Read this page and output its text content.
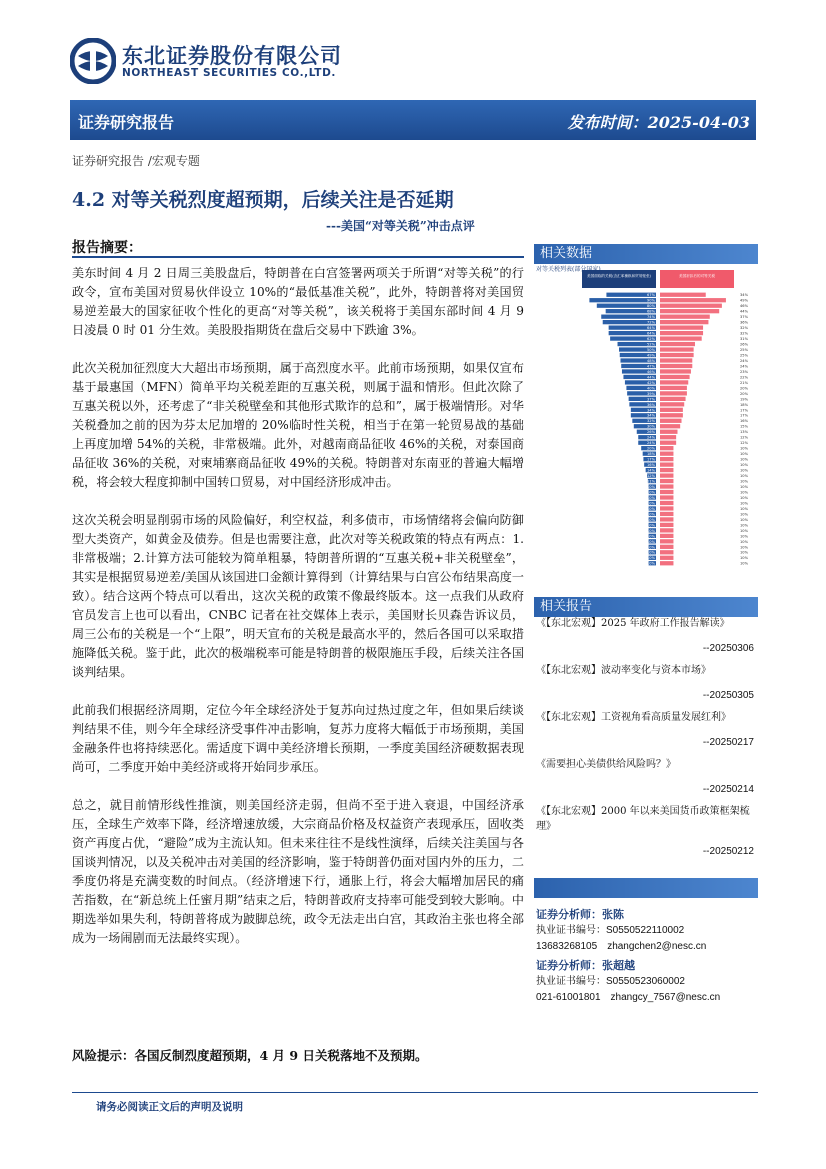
东北证券股份有限公司
NORTHEAST SECURITIES CO.,LTD.
证券研究报告	发布时间：2025-04-03
证券研究报告 /宏观专题
4.2 对等关税烈度超预期，后续关注是否延期
---美国“对等关税”冲击点评
报告摘要：

美东时间 4 月 2 日周三美股盘后，特朗普在白宫签署两项关于所谓“对等关税”的行政令，宣布美国对贸易伙伴设立 10%的“最低基准关税”，此外，特朗普将对美国贸易逆差最大的国家征收个性化的更高“对等关税”，该关税将于美国东部时间 4 月 9 日凌晨 0 时 01 分生效。美股股指期货在盘后交易中下跌逾 3%。

此次关税加征烈度大大超出市场预期，属于高烈度水平。此前市场预期，如果仅宣布基于最惠国（MFN）简单平均关税差距的互惠关税，则属于温和情形。但此次除了互惠关税以外，还考虑了“非关税壁垒和其他形式欺诈的总和”，属于极端情形。对华关税叠加之前的因为芬太尼加增的 20%临时性关税，相当于在第一轮贸易战的基础上再度加增 54%的关税，非常极端。此外，对越南商品征收 46%的关税，对泰国商品征收 36%的关税，对柬埔寨商品征收 49%的关税。特朗普对东南亚的普遍大幅增税，将会较大程度抑制中国转口贸易，对中国经济形成冲击。

这次关税会明显削弱市场的风险偏好，利空权益，利多债市，市场情绪将会偏向防御型大类资产，如黄金及债券。但是也需要注意，此次对等关税政策的特点有两点：1.非常极端；2.计算方法可能较为简单粗暴，特朗普所谓的“互惠关税+非关税壁垒”，其实是根据贸易逆差/美国从该国进口金额计算得到（计算结果与白宫公布结果高度一致）。结合这两个特点可以看出，这次关税的政策不像最终版本。这一点我们从政府官员发言上也可以看出，CNBC 记者在社交媒体上表示，美国财长贝森告诉议员，周三公布的关税是一个“上限”，明天宣布的关税是最高水平的，然后各国可以采取措施降低关税。鉴于此，此次的极端税率可能是特朗普的极限施压手段，后续关注各国谈判结果。

此前我们根据经济周期，定位今年全球经济处于复苏向过热过度之年，但如果后续谈判结果不佳，则今年全球经济受事件冲击影响，复苏力度将大幅低于市场预期，美国金融条件也将持续恶化。需适度下调中美经济增长预期，一季度美国经济硬数据表现尚可，二季度开始中美经济或将开始同步承压。

总之，就目前情形线性推演，则美国经济走弱，但尚不至于进入衰退，中国经济承压，全球生产效率下降，经济增速放缓，大宗商品价格及权益资产表现承压，固收类资产再度占优，“避险”成为主流认知。但未来往往不是线性演绎，后续关注美国与各国谈判情况，以及关税冲击对美国的经济影响，鉴于特朗普仍面对国内外的压力，二季度仍将是充满变数的时间点。（经济增速下行，通胀上行，将会大幅增加居民的痛苦指数，在“新总统上任蜜月期”结束之后，特朗普政府支持率可能受到较大影响。中期选举如果失利，特朗普将成为跛脚总统，政令无法走出白宫，其政治主张也将全部成为一场闹剧而无法最终实现）。

风险提示：各国反制烈度超预期，4 月 9 日关税落地不及预期。
请务必阅读正文后的声明及说明
相关数据
美国面临的关税(含汇率操纵和贸易壁垒)	美国折扣后的对等关税
67%	34%
90%	49%
80%	46%
68%	44%
74%	37%
72%	36%
64%	32%
64%	32%
62%	31%
52%	26%
50%	25%
49%	25%
48%	24%
47%	24%
46%	23%
44%	22%
42%	21%
40%	20%
39%	20%
37%	19%
36%	18%
34%	17%
34%	17%
32%	16%
30%	15%
26%	13%
24%	12%
24%	12%
20%	10%
18%	10%
17%	10%
16%	10%
14%	10%
12%	10%
11%	10%
10%	10%
10%	10%
10%	10%
10%	10%
10%	10%
10%	10%
10%	10%
10%	10%
10%	10%
10%	10%
10%	10%
10%	10%
10%	10%
10%	10%
10%	10%
对等关税列表(部分国家)
相关报告
《【东北宏观】2025 年政府工作报告解读》
--20250306
《【东北宏观】波动率变化与资本市场》
--20250305
《【东北宏观】工资视角看高质量发展红利》
--20250217
《需要担心美债供给风险吗？》
--20250214
《【东北宏观】2000 年以来美国货币政策框架梳理》
--20250212
证券分析师：张陈
执业证书编号：S0550522110002
13683268105 zhangchen2@nesc.cn
证券分析师：张超越
执业证书编号：S0550523060002
021-61001801 zhangcy_7567@nesc.cn
